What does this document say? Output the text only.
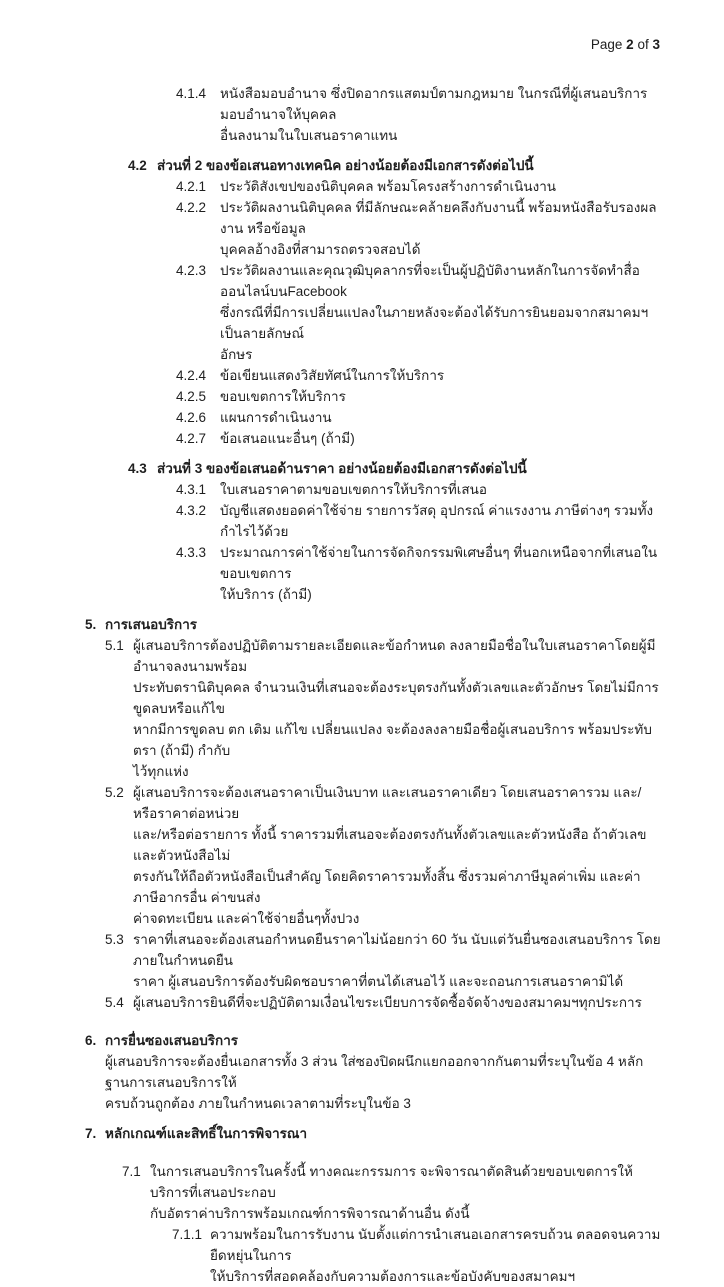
Page 2 of 3
4.1.4	หนังสือมอบอำนาจ ซึ่งปิดอากรแสตมป์ตามกฎหมาย ในกรณีที่ผู้เสนอบริการมอบอำนาจให้บุคคล
อื่นลงนามในใบเสนอราคาแทน
4.2 ส่วนที่ 2 ของข้อเสนอทางเทคนิค อย่างน้อยต้องมีเอกสารดังต่อไปนี้
4.2.1	ประวัติสังเขปของนิติบุคคล พร้อมโครงสร้างการดำเนินงาน
4.2.2	ประวัติผลงานนิติบุคคล ที่มีลักษณะคล้ายคลึงกับงานนี้ พร้อมหนังสือรับรองผลงาน หรือข้อมูล
บุคคลอ้างอิงที่สามารถตรวจสอบได้
4.2.3	ประวัติผลงานและคุณวุฒิบุคลากรที่จะเป็นผู้ปฏิบัติงานหลักในการจัดทำสื่อออนไลน์บนFacebook
ซึ่งกรณีที่มีการเปลี่ยนแปลงในภายหลังจะต้องได้รับการยินยอมจากสมาคมฯ เป็นลายลักษณ์
อักษร
4.2.4	ข้อเขียนแสดงวิสัยทัศน์ในการให้บริการ
4.2.5	ขอบเขตการให้บริการ
4.2.6	แผนการดำเนินงาน
4.2.7	ข้อเสนอแนะอื่นๆ (ถ้ามี)
4.3 ส่วนที่ 3 ของข้อเสนอด้านราคา อย่างน้อยต้องมีเอกสารดังต่อไปนี้
4.3.1	ใบเสนอราคาตามขอบเขตการให้บริการที่เสนอ
4.3.2	บัญชีแสดงยอดค่าใช้จ่าย รายการวัสดุ อุปกรณ์ ค่าแรงงาน ภาษีต่างๆ รวมทั้งกำไรไว้ด้วย
4.3.3	ประมาณการค่าใช้จ่ายในการจัดกิจกรรมพิเศษอื่นๆ ที่นอกเหนือจากที่เสนอในขอบเขตการ
ให้บริการ (ถ้ามี)
5. การเสนอบริการ
5.1 ผู้เสนอบริการต้องปฏิบัติตามรายละเอียดและข้อกำหนด ลงลายมือชื่อในใบเสนอราคาโดยผู้มีอำนาจลงนามพร้อม
ประทับตรานิติบุคคล จำนวนเงินที่เสนอจะต้องระบุตรงกันทั้งตัวเลขและตัวอักษร โดยไม่มีการขูดลบหรือแก้ไข
หากมีการขูดลบ ตก เติม แก้ไข เปลี่ยนแปลง จะต้องลงลายมือชื่อผู้เสนอบริการ พร้อมประทับตรา (ถ้ามี) กำกับ
ไว้ทุกแห่ง
5.2 ผู้เสนอบริการจะต้องเสนอราคาเป็นเงินบาท และเสนอราคาเดียว โดยเสนอราคารวม และ/หรือราคาต่อหน่วย
และ/หรือต่อรายการ ทั้งนี้ ราคารวมที่เสนอจะต้องตรงกันทั้งตัวเลขและตัวหนังสือ ถ้าตัวเลขและตัวหนังสือไม่
ตรงกันให้ถือตัวหนังสือเป็นสำคัญ โดยคิดราคารวมทั้งสิ้น ซึ่งรวมค่าภาษีมูลค่าเพิ่ม และค่าภาษีอากรอื่น ค่าขนส่ง
ค่าจดทะเบียน และค่าใช้จ่ายอื่นๆทั้งปวง
5.3 ราคาที่เสนอจะต้องเสนอกำหนดยืนราคาไม่น้อยกว่า 60 วัน นับแต่วันยื่นซองเสนอบริการ โดยภายในกำหนดยืน
ราคา ผู้เสนอบริการต้องรับผิดชอบราคาที่ตนได้เสนอไว้ และจะถอนการเสนอราคามิได้
5.4 ผู้เสนอบริการยินดีที่จะปฏิบัติตามเงื่อนไขระเบียบการจัดซื้อจัดจ้างของสมาคมฯทุกประการ
6. การยื่นซองเสนอบริการ
ผู้เสนอบริการจะต้องยื่นเอกสารทั้ง 3 ส่วน ใส่ซองปิดผนึกแยกออกจากกันตามที่ระบุในข้อ 4 หลักฐานการเสนอบริการให้
ครบถ้วนถูกต้อง ภายในกำหนดเวลาตามที่ระบุในข้อ 3
7. หลักเกณฑ์และสิทธิ์ในการพิจารณา
7.1 ในการเสนอบริการในครั้งนี้ ทางคณะกรรมการ จะพิจารณาตัดสินด้วยขอบเขตการให้บริการที่เสนอประกอบ
กับอัตราค่าบริการพร้อมเกณฑ์การพิจารณาด้านอื่น ดังนี้
7.1.1 ความพร้อมในการรับงาน นับตั้งแต่การนำเสนอเอกสารครบถ้วน ตลอดจนความยืดหยุ่นในการ
ให้บริการที่สอดคล้องกับความต้องการและข้อบังคับของสมาคมฯ
